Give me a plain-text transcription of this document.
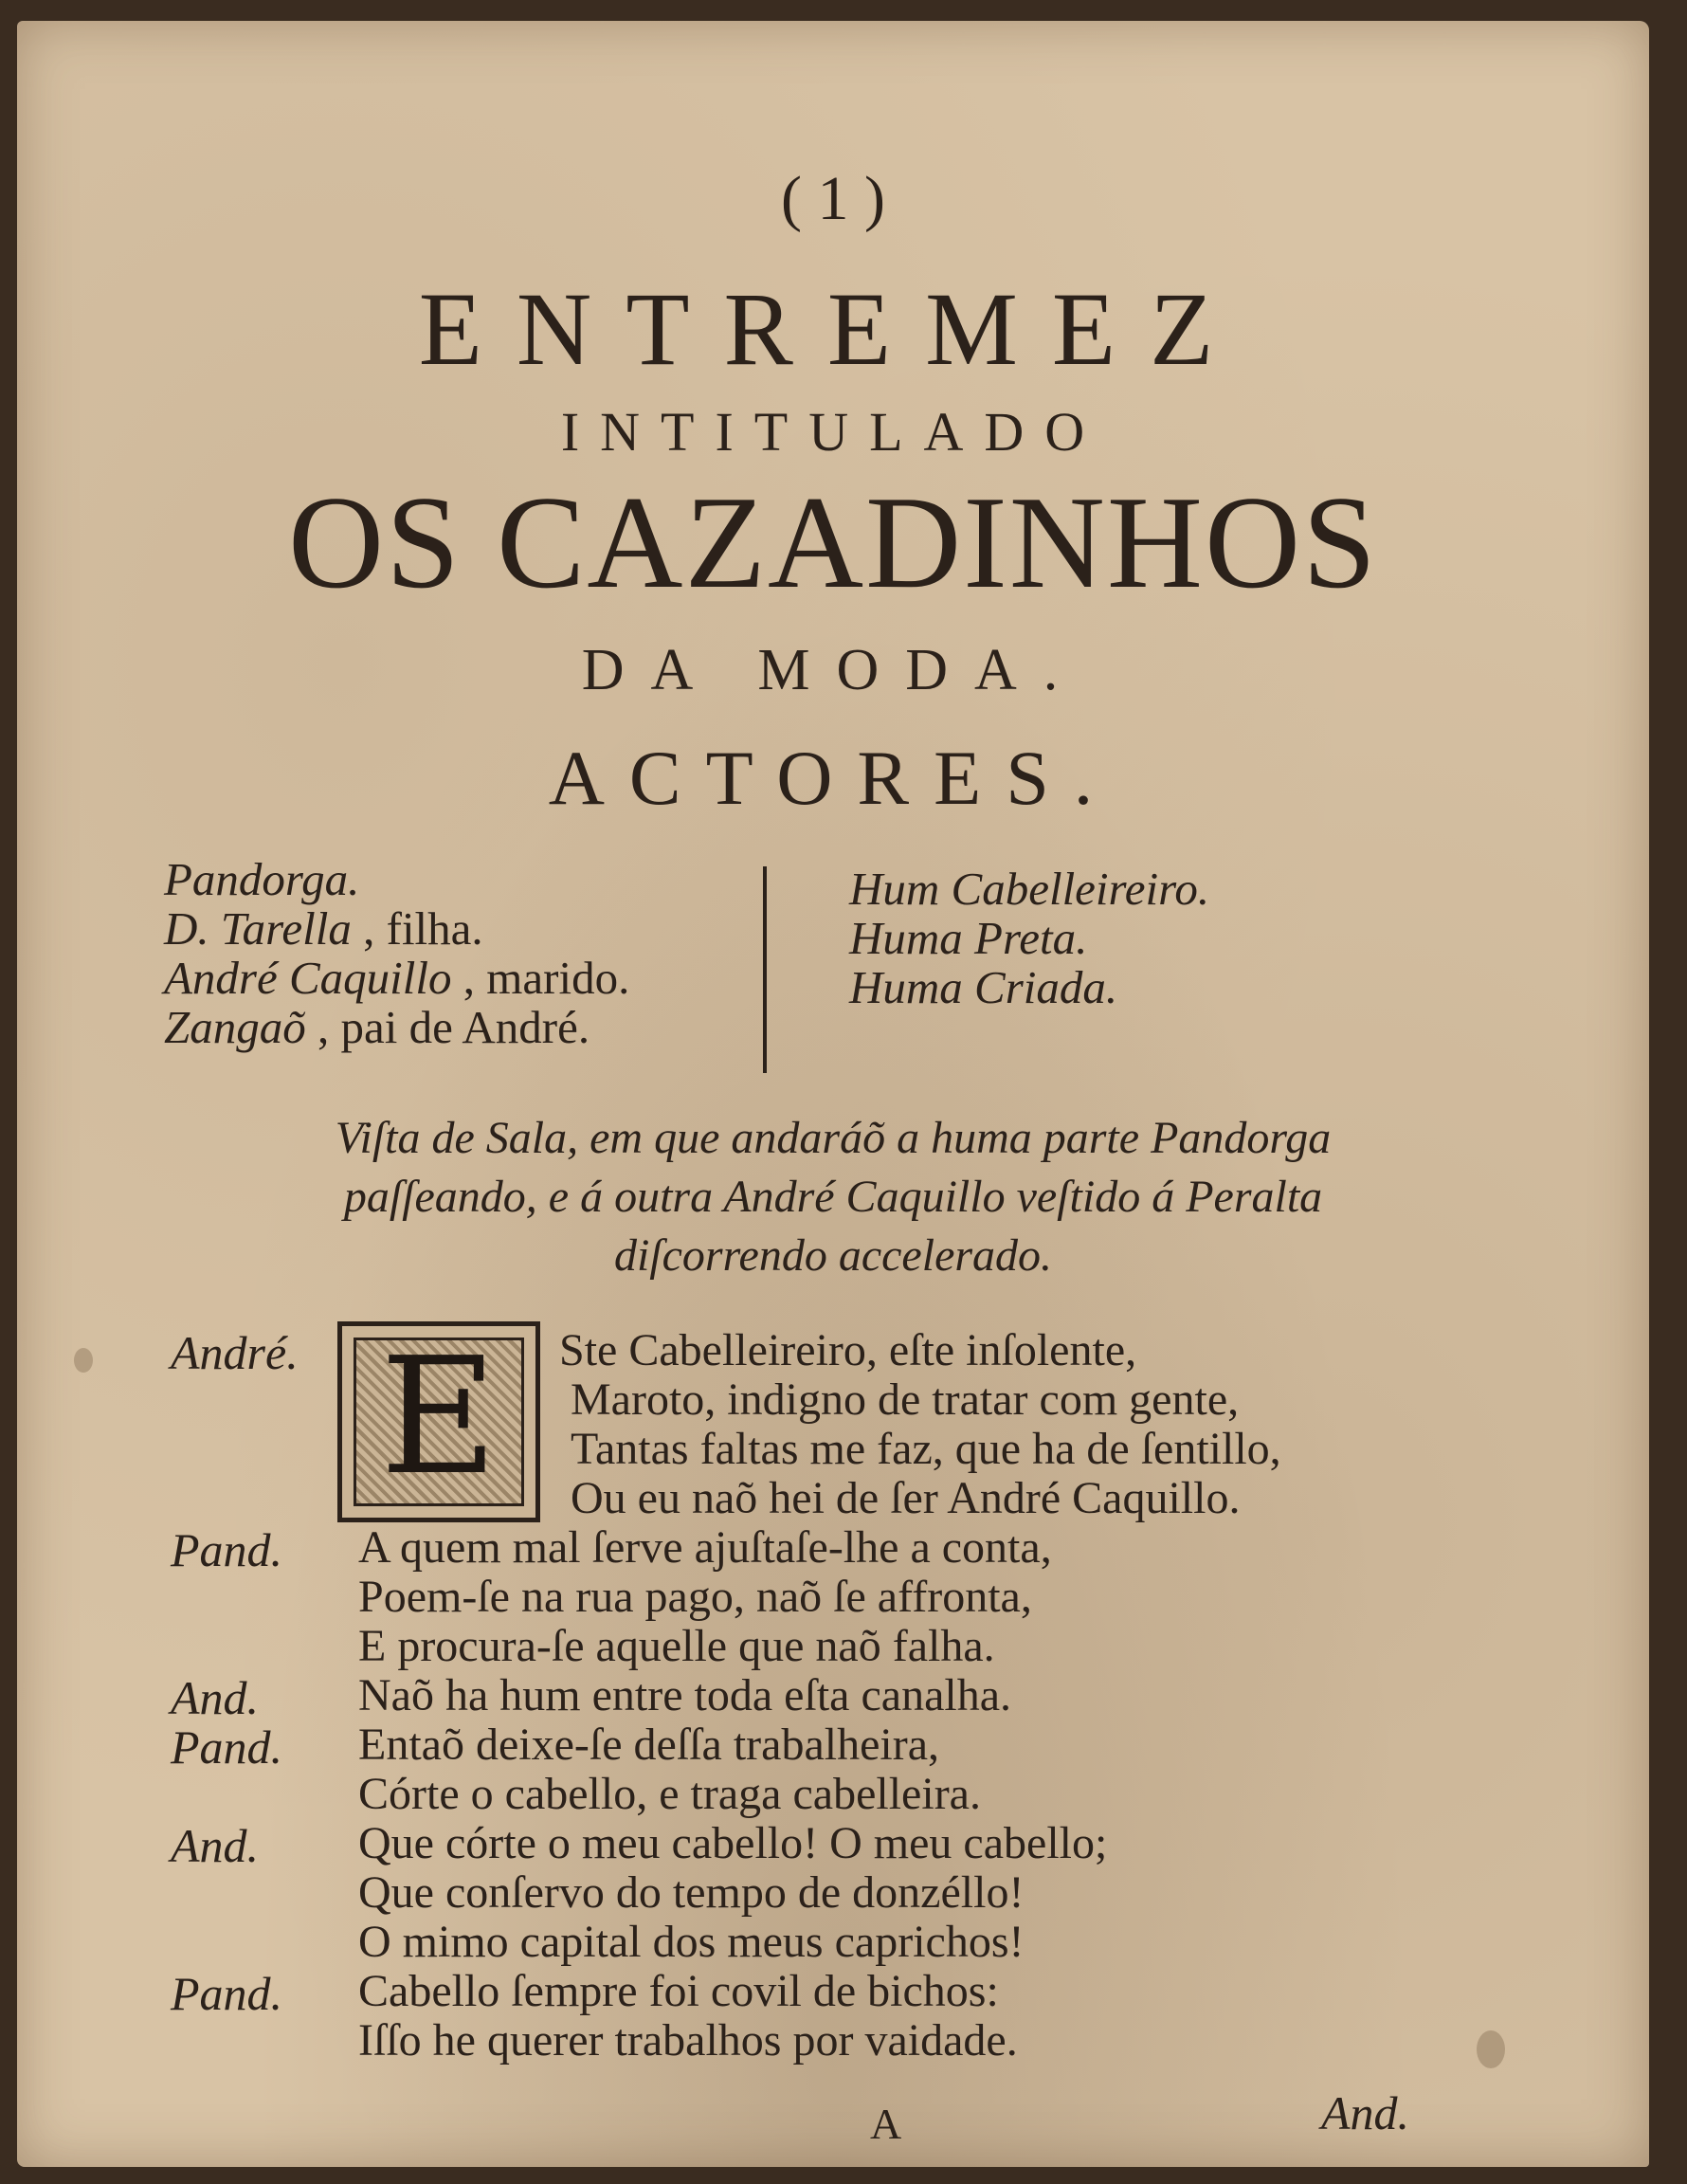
( 1 )
ENTREMEZ
INTITULADO
OS CAZADINHOS
DA MODA.
ACTORES.
Pandorga.
D. Tarella , filha.
André Caquillo , marido.
Zangaõ , pai de André.
Hum Cabelleireiro.
Huma Preta.
Huma Criada.
Viſta de Sala, em que andaráõ a huma parte Pandorga
paſſeando, e á outra André Caquillo veſtido á Peralta
diſcorrendo accelerado.
E
André.	Ste Cabelleireiro, eſte inſolente,
Maroto, indigno de tratar com gente,
Tantas faltas me faz, que ha de ſentillo,
Ou eu naõ hei de ſer André Caquillo.
Pand. A quem mal ſerve ajuſtaſe-lhe a conta,
Poem-ſe na rua pago, naõ ſe affronta,
E procura-ſe aquelle que naõ falha.
And. Naõ ha hum entre toda eſta canalha.
Pand. Entaõ deixe-ſe deſſa trabalheira,
Córte o cabello, e traga cabelleira.
And. Que córte o meu cabello! O meu cabello;
Que conſervo do tempo de donzéllo!
O mimo capital dos meus caprichos!
Pand. Cabello ſempre foi covil de bichos:
Iſſo he querer trabalhos por vaidade.
A	And.
